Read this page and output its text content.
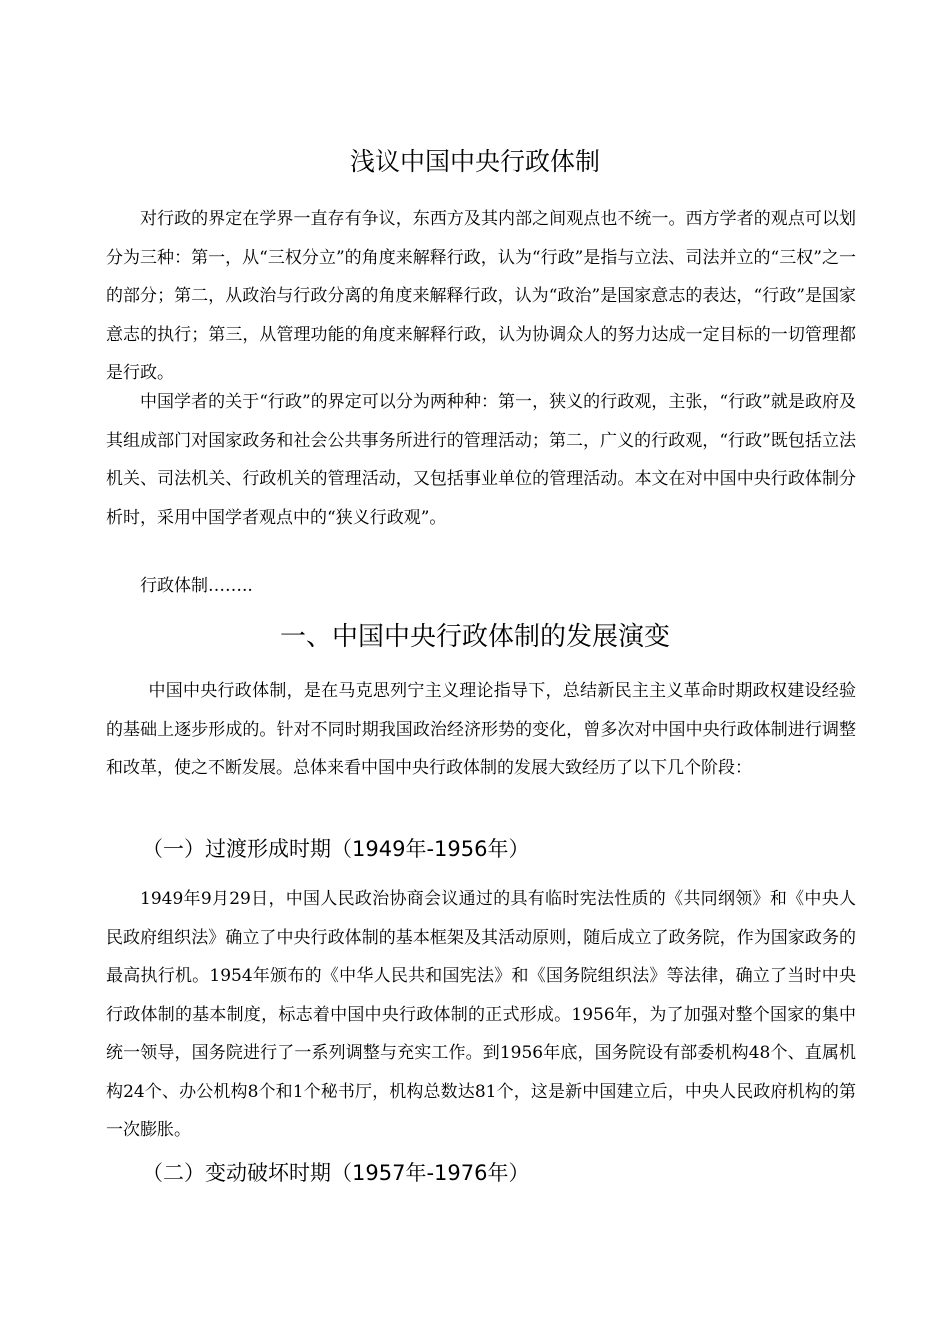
浅议中国中央行政体制

对行政的界定在学界一直存有争议，东西方及其内部之间观点也不统一。西方学者的观点可以划分为三种：第一，从“三权分立”的角度来解释行政，认为“行政”是指与立法、司法并立的“三权”之一的部分；第二，从政治与行政分离的角度来解释行政，认为“政治”是国家意志的表达，“行政”是国家意志的执行；第三，从管理功能的角度来解释行政，认为协调众人的努力达成一定目标的一切管理都是行政。

中国学者的关于“行政”的界定可以分为两种种：第一，狭义的行政观，主张，“行政”就是政府及其组成部门对国家政务和社会公共事务所进行的管理活动；第二，广义的行政观，“行政”既包括立法机关、司法机关、行政机关的管理活动，又包括事业单位的管理活动。本文在对中国中央行政体制分析时，采用中国学者观点中的“狭义行政观”。

行政体制……..

一、中国中央行政体制的发展演变

中国中央行政体制，是在马克思列宁主义理论指导下，总结新民主主义革命时期政权建设经验的基础上逐步形成的。针对不同时期我国政治经济形势的变化，曾多次对中国中央行政体制进行调整和改革，使之不断发展。总体来看中国中央行政体制的发展大致经历了以下几个阶段：

（一）过渡形成时期（1949年-1956年）

1949年9月29日，中国人民政治协商会议通过的具有临时宪法性质的《共同纲领》和《中央人民政府组织法》确立了中央行政体制的基本框架及其活动原则，随后成立了政务院，作为国家政务的最高执行机。1954年颁布的《中华人民共和国宪法》和《国务院组织法》等法律，确立了当时中央行政体制的基本制度，标志着中国中央行政体制的正式形成。1956年，为了加强对整个国家的集中统一领导，国务院进行了一系列调整与充实工作。到1956年底，国务院设有部委机构48个、直属机构24个、办公机构8个和1个秘书厅，机构总数达81个，这是新中国建立后，中央人民政府机构的第一次膨胀。

（二）变动破坏时期（1957年-1976年）
